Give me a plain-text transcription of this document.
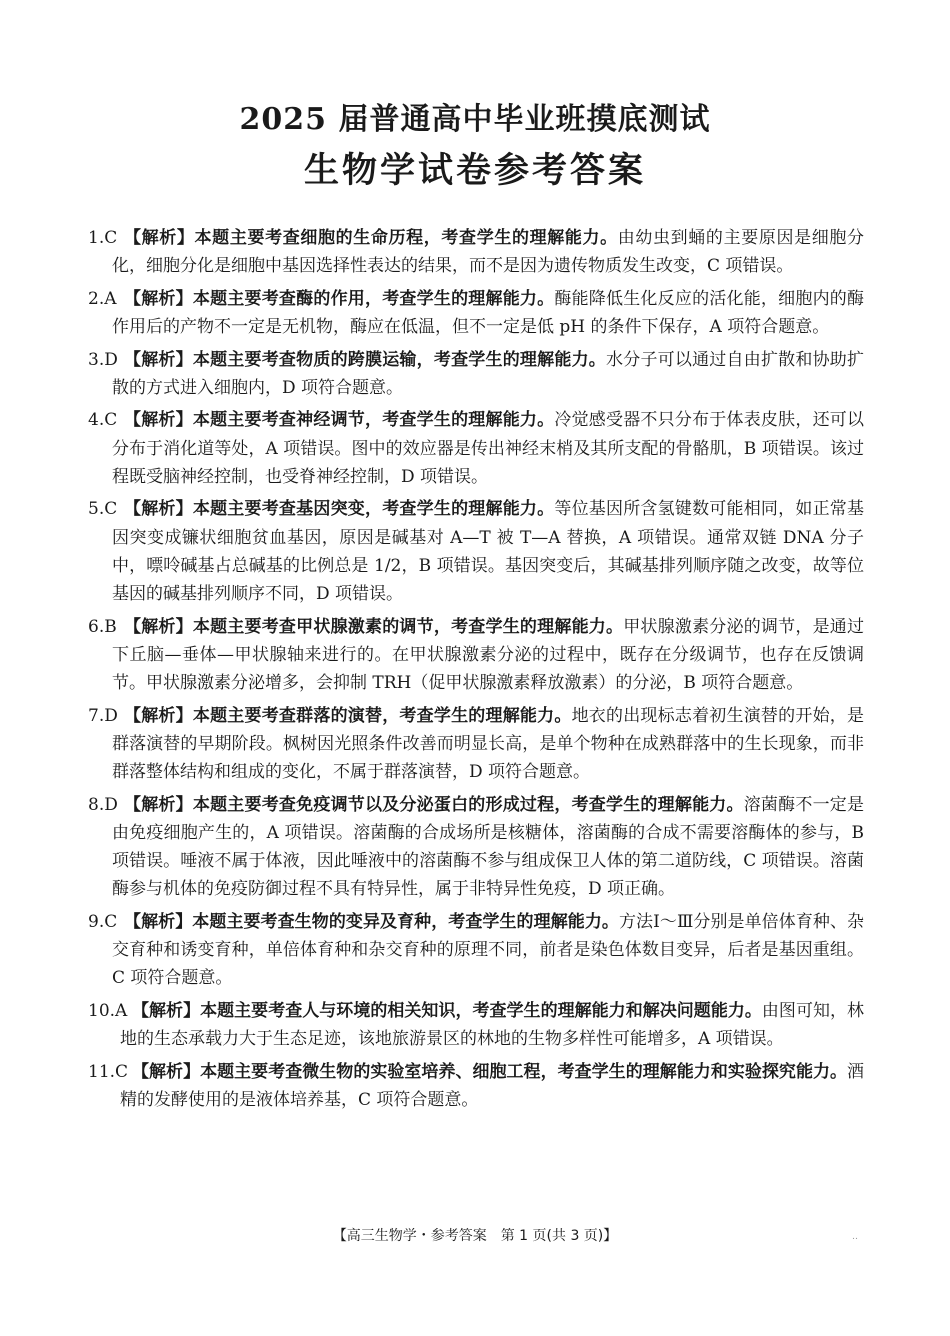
2025 届普通高中毕业班摸底测试
生物学试卷参考答案
1.C 【解析】本题主要考查细胞的生命历程，考查学生的理解能力。由幼虫到蛹的主要原因是细胞分化，细胞分化是细胞中基因选择性表达的结果，而不是因为遗传物质发生改变，C 项错误。
2.A 【解析】本题主要考查酶的作用，考查学生的理解能力。酶能降低生化反应的活化能，细胞内的酶作用后的产物不一定是无机物，酶应在低温，但不一定是低 pH 的条件下保存，A 项符合题意。
3.D 【解析】本题主要考查物质的跨膜运输，考查学生的理解能力。水分子可以通过自由扩散和协助扩散的方式进入细胞内，D 项符合题意。
4.C 【解析】本题主要考查神经调节，考查学生的理解能力。冷觉感受器不只分布于体表皮肤，还可以分布于消化道等处，A 项错误。图中的效应器是传出神经末梢及其所支配的骨骼肌，B 项错误。该过程既受脑神经控制，也受脊神经控制，D 项错误。
5.C 【解析】本题主要考查基因突变，考查学生的理解能力。等位基因所含氢键数可能相同，如正常基因突变成镰状细胞贫血基因，原因是碱基对 A—T 被 T—A 替换，A 项错误。通常双链 DNA 分子中，嘌呤碱基占总碱基的比例总是 1/2，B 项错误。基因突变后，其碱基排列顺序随之改变，故等位基因的碱基排列顺序不同，D 项错误。
6.B 【解析】本题主要考查甲状腺激素的调节，考查学生的理解能力。甲状腺激素分泌的调节，是通过下丘脑—垂体—甲状腺轴来进行的。在甲状腺激素分泌的过程中，既存在分级调节，也存在反馈调节。甲状腺激素分泌增多，会抑制 TRH（促甲状腺激素释放激素）的分泌，B 项符合题意。
7.D 【解析】本题主要考查群落的演替，考查学生的理解能力。地衣的出现标志着初生演替的开始，是群落演替的早期阶段。枫树因光照条件改善而明显长高，是单个物种在成熟群落中的生长现象，而非群落整体结构和组成的变化，不属于群落演替，D 项符合题意。
8.D 【解析】本题主要考查免疫调节以及分泌蛋白的形成过程，考查学生的理解能力。溶菌酶不一定是由免疫细胞产生的，A 项错误。溶菌酶的合成场所是核糖体，溶菌酶的合成不需要溶酶体的参与，B 项错误。唾液不属于体液，因此唾液中的溶菌酶不参与组成保卫人体的第二道防线，C 项错误。溶菌酶参与机体的免疫防御过程不具有特异性，属于非特异性免疫，D 项正确。
9.C 【解析】本题主要考查生物的变异及育种，考查学生的理解能力。方法Ⅰ～Ⅲ分别是单倍体育种、杂交育种和诱变育种，单倍体育种和杂交育种的原理不同，前者是染色体数目变异，后者是基因重组。C 项符合题意。
10.A 【解析】本题主要考查人与环境的相关知识，考查学生的理解能力和解决问题能力。由图可知，林地的生态承载力大于生态足迹，该地旅游景区的林地的生物多样性可能增多，A 项错误。
11.C 【解析】本题主要考查微生物的实验室培养、细胞工程，考查学生的理解能力和实验探究能力。酒精的发酵使用的是液体培养基，C 项符合题意。
【高三生物学・参考答案　第 1 页(共 3 页)】	‥
